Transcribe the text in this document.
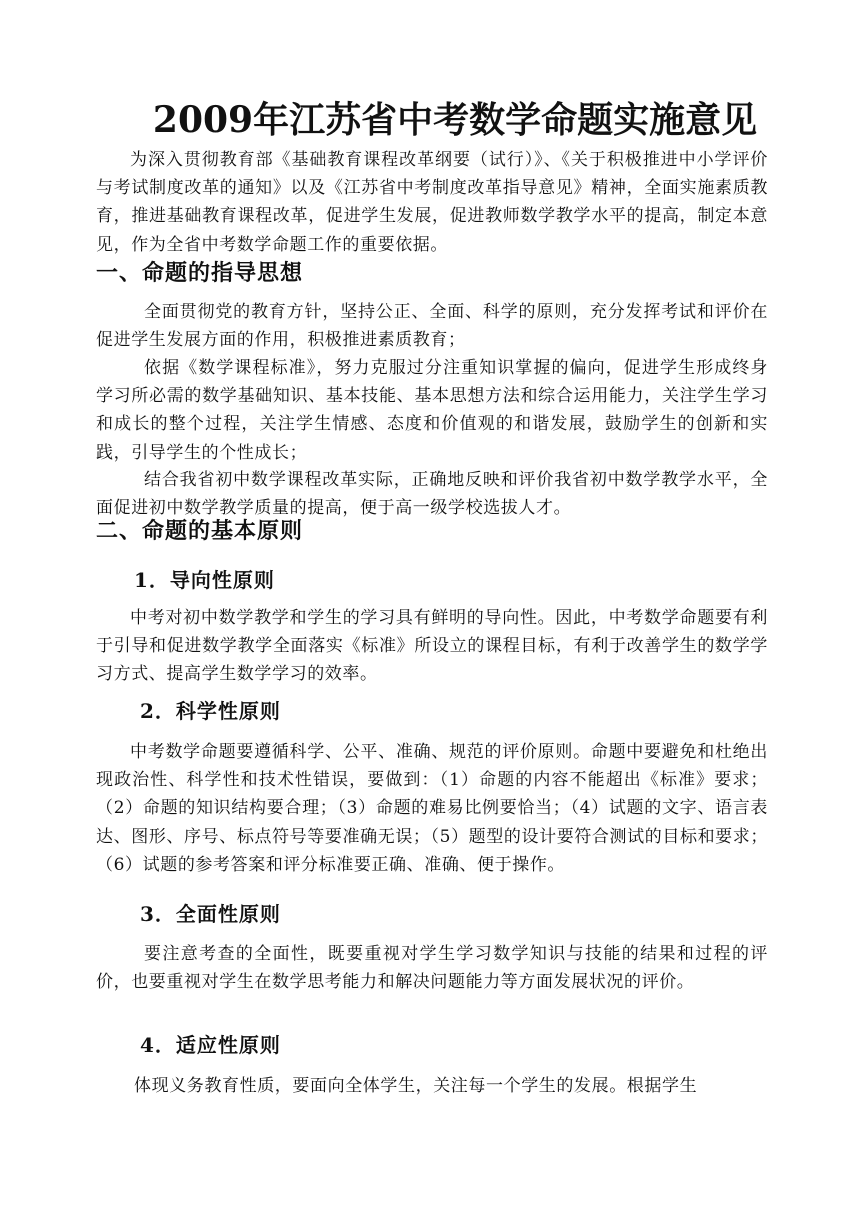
2009年江苏省中考数学命题实施意见

为深入贯彻教育部《基础教育课程改革纲要（试行）》、《关于积极推进中小学评价与考试制度改革的通知》以及《江苏省中考制度改革指导意见》精神，全面实施素质教育，推进基础教育课程改革，促进学生发展，促进教师数学教学水平的提高，制定本意见，作为全省中考数学命题工作的重要依据。

一、命题的指导思想

全面贯彻党的教育方针，坚持公正、全面、科学的原则，充分发挥考试和评价在促进学生发展方面的作用，积极推进素质教育；

依据《数学课程标准》，努力克服过分注重知识掌握的偏向，促进学生形成终身学习所必需的数学基础知识、基本技能、基本思想方法和综合运用能力，关注学生学习和成长的整个过程，关注学生情感、态度和价值观的和谐发展，鼓励学生的创新和实践，引导学生的个性成长；

结合我省初中数学课程改革实际，正确地反映和评价我省初中数学教学水平，全面促进初中数学教学质量的提高，便于高一级学校选拔人才。

二、命题的基本原则
1．导向性原则

中考对初中数学教学和学生的学习具有鲜明的导向性。因此，中考数学命题要有利于引导和促进数学教学全面落实《标准》所设立的课程目标，有利于改善学生的数学学习方式、提高学生数学学习的效率。

2．科学性原则

中考数学命题要遵循科学、公平、准确、规范的评价原则。命题中要避免和杜绝出现政治性、科学性和技术性错误，要做到：（1）命题的内容不能超出《标准》要求；（2）命题的知识结构要合理；（3）命题的难易比例要恰当；（4）试题的文字、语言表达、图形、序号、标点符号等要准确无误；（5）题型的设计要符合测试的目标和要求；（6）试题的参考答案和评分标准要正确、准确、便于操作。

3．全面性原则

要注意考查的全面性，既要重视对学生学习数学知识与技能的结果和过程的评价，也要重视对学生在数学思考能力和解决问题能力等方面发展状况的评价。

4．适应性原则

体现义务教育性质，要面向全体学生，关注每一个学生的发展。根据学生
